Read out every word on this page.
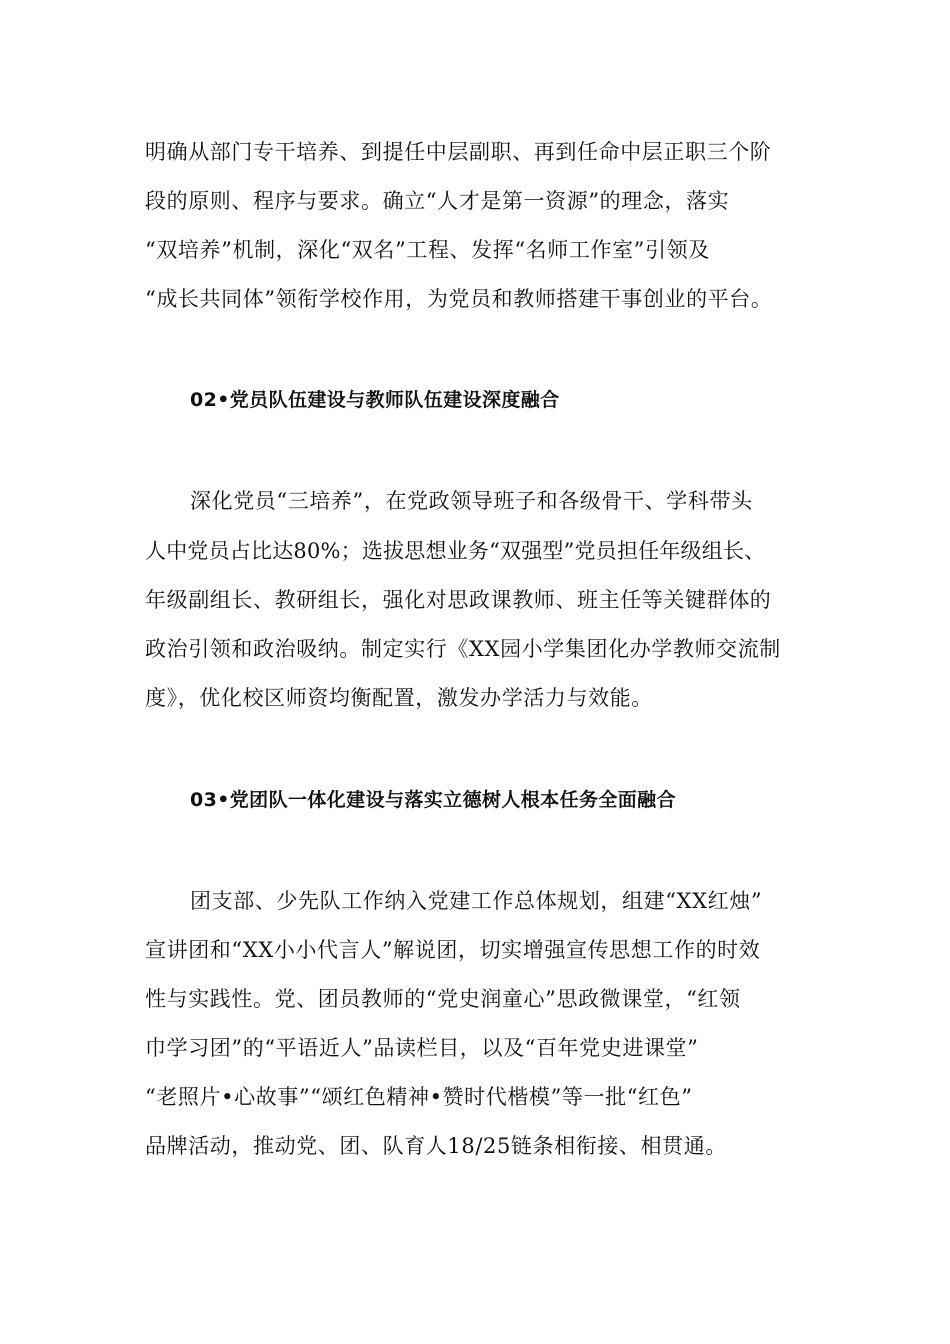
明确从部门专干培养、到提任中层副职、再到任命中层正职三个阶

段的原则、程序与要求。确立“人才是第一资源”的理念，落实

“双培养”机制，深化“双名”工程、发挥“名师工作室”引领及

“成长共同体”领衔学校作用，为党员和教师搭建干事创业的平台。

02•党员队伍建设与教师队伍建设深度融合

深化党员“三培养”，在党政领导班子和各级骨干、学科带头

人中党员占比达80%；选拔思想业务“双强型”党员担任年级组长、

年级副组长、教研组长，强化对思政课教师、班主任等关键群体的

政治引领和政治吸纳。制定实行《XX园小学集团化办学教师交流制

度》，优化校区师资均衡配置，激发办学活力与效能。

03•党团队一体化建设与落实立德树人根本任务全面融合

团支部、少先队工作纳入党建工作总体规划，组建“XX红烛”

宣讲团和“XX小小代言人”解说团，切实增强宣传思想工作的时效

性与实践性。党、团员教师的“党史润童心”思政微课堂，“红领

巾学习团”的“平语近人”品读栏目，以及“百年党史进课堂”

“老照片•心故事”“颂红色精神•赞时代楷模”等一批“红色”

品牌活动，推动党、团、队育人18/25链条相衔接、相贯通。
